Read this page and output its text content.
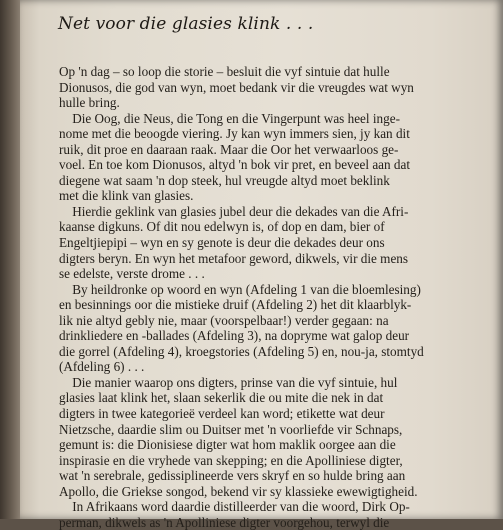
Net voor die glasies klink . . .
Op 'n dag – so loop die storie – besluit die vyf sintuie dat hulle
Dionusos, die god van wyn, moet bedank vir die vreugdes wat wyn
hulle bring.
Die Oog, die Neus, die Tong en die Vingerpunt was heel inge-
nome met die beoogde viering. Jy kan wyn immers sien, jy kan dit
ruik, dit proe en daaraan raak. Maar die Oor het verwaarloos ge-
voel. En toe kom Dionusos, altyd 'n bok vir pret, en beveel aan dat
diegene wat saam 'n dop steek, hul vreugde altyd moet beklink
met die klink van glasies.
Hierdie geklink van glasies jubel deur die dekades van die Afri-
kaanse digkuns. Of dit nou edelwyn is, of dop en dam, bier of
Engeltjiepipi – wyn en sy genote is deur die dekades deur ons
digters beryn. En wyn het metafoor geword, dikwels, vir die mens
se edelste, verste drome . . .
By heildronke op woord en wyn (Afdeling 1 van die bloemlesing)
en besinnings oor die mistieke druif (Afdeling 2) het dit klaarblyk-
lik nie altyd gebly nie, maar (voorspelbaar!) verder gegaan: na
drinkliedere en -ballades (Afdeling 3), na dopryme wat galop deur
die gorrel (Afdeling 4), kroegstories (Afdeling 5) en, nou-ja, stomtyd
(Afdeling 6) . . .
Die manier waarop ons digters, prinse van die vyf sintuie, hul
glasies laat klink het, slaan sekerlik die ou mite die nek in dat
digters in twee kategorieë verdeel kan word; etikette wat deur
Nietzsche, daardie slim ou Duitser met 'n voorliefde vir Schnaps,
gemunt is: die Dionisiese digter wat hom maklik oorgee aan die
inspirasie en die vryhede van skepping; en die Apolliniese digter,
wat 'n serebrale, gedissiplineerde vers skryf en so hulde bring aan
Apollo, die Griekse songod, bekend vir sy klassieke ewewigtigheid.
In Afrikaans word daardie distilleerder van die woord, Dirk Op-
perman, dikwels as 'n Apolliniese digter voorgehou, terwyl die
